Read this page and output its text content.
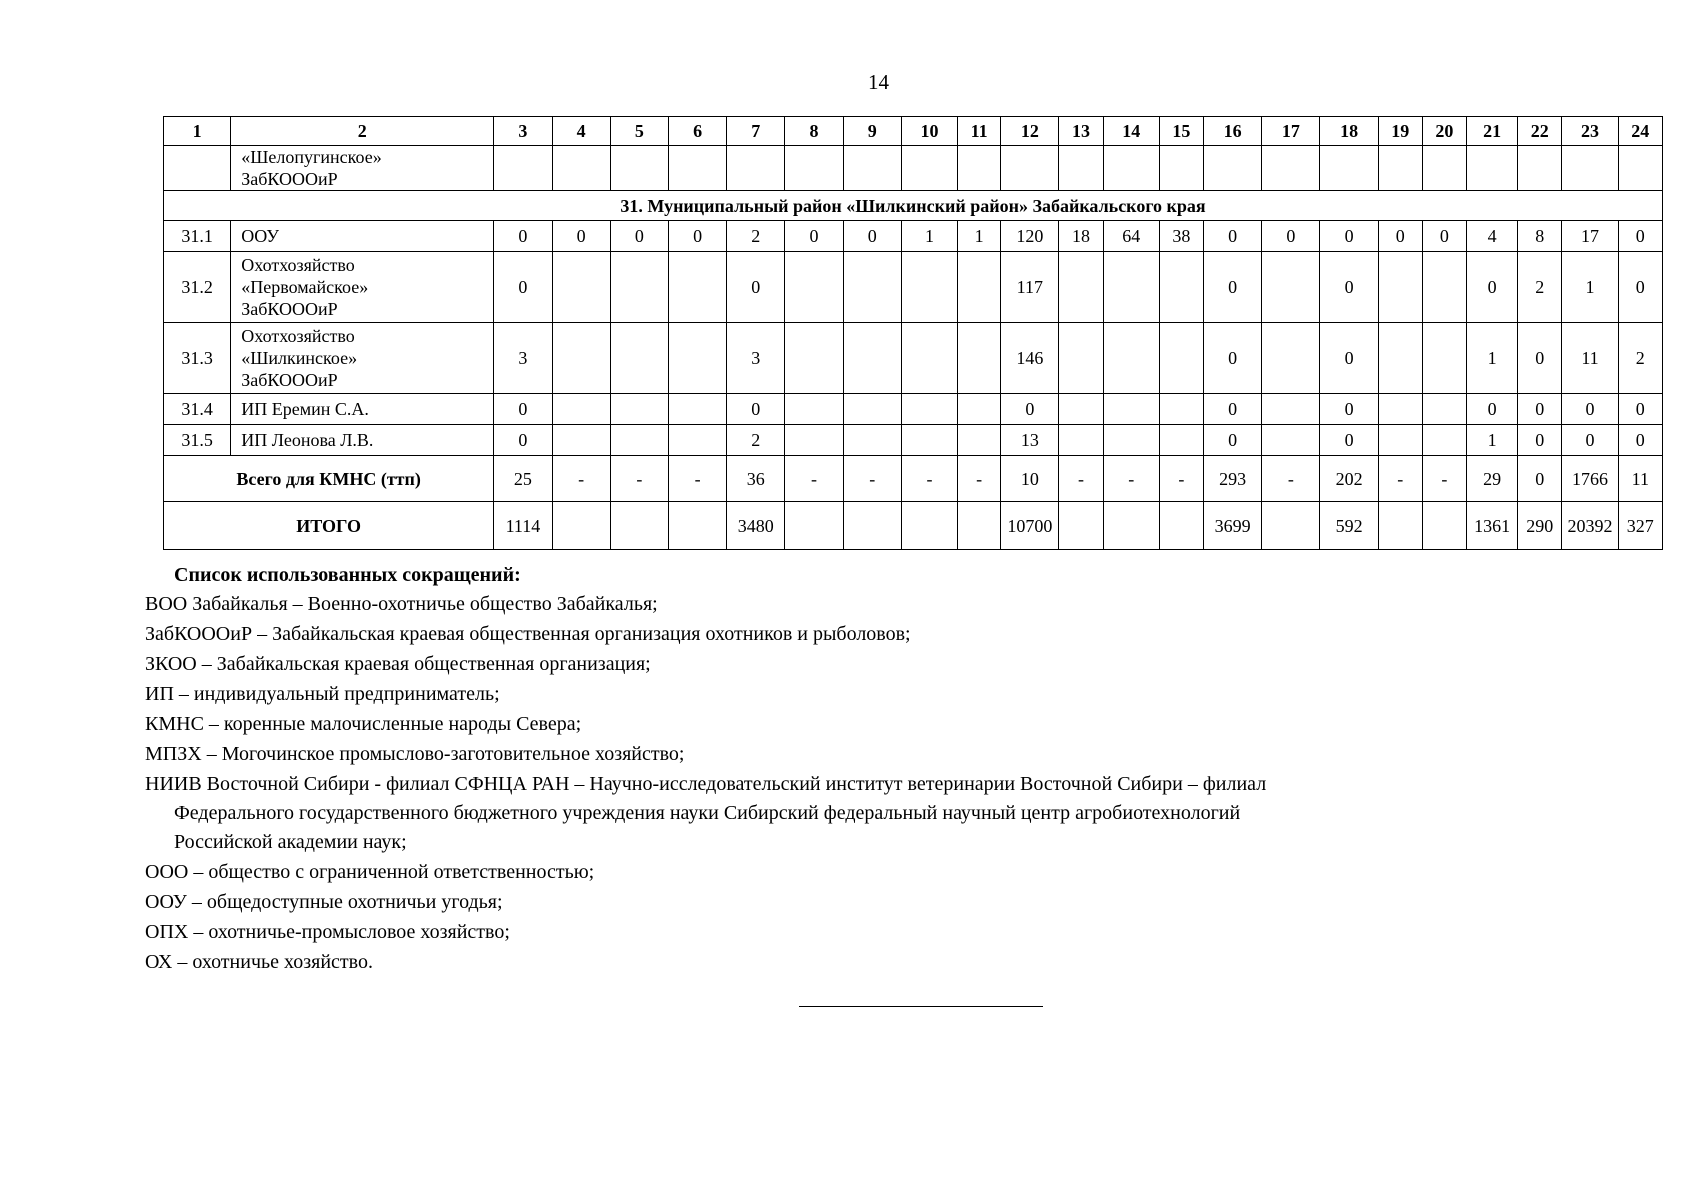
14
1	2	3	4	5	6	7	8	9	10	11	12	13	14	15	16	17	18	19	20	21	22	23	24

	«Шелопугинское»
ЗабКОООиР																						

31. Муниципальный район «Шилкинский район» Забайкальского края																							
31.1	ООУ	0	0	0	0	2	0	0	1	1	120	18	64	38	0	0	0	0	0	4	8	17	0
31.2	Охотхозяйство
«Первомайское»
ЗабКОООиР	0				0					117				0		0			0	2	1	0
31.3	Охотхозяйство
«Шилкинское»
ЗабКОООиР	3				3					146				0		0			1	0	11	2
31.4	ИП Еремин С.А.	0				0					0				0		0			0	0	0	0
31.5	ИП Леонова Л.В.	0				2					13				0		0			1	0	0	0
Всего для КМНС (ттп)		25	-	-	-	36	-	-	-	-	10	-	-	-	293	-	202	-	-	29	0	1766	11
ИТОГО		1114				3480					10700				3699		592			1361	290	20392	327
Список использованных сокращений:
ВОО Забайкалья – Военно-охотничье общество Забайкалья;
ЗабКОООиР – Забайкальская краевая общественная организация охотников и рыболовов;
ЗКОО – Забайкальская краевая общественная организация;
ИП – индивидуальный предприниматель;
КМНС – коренные малочисленные народы Севера;
МПЗХ – Могочинское промыслово-заготовительное хозяйство;
НИИВ Восточной Сибири - филиал СФНЦА РАН – Научно-исследовательский институт ветеринарии Восточной Сибири – филиал
Федерального государственного бюджетного учреждения науки Сибирский федеральный научный центр агробиотехнологий
Российской академии наук;
ООО – общество с ограниченной ответственностью;
ООУ – общедоступные охотничьи угодья;
ОПХ – охотничье-промысловое хозяйство;
ОХ – охотничье хозяйство.
